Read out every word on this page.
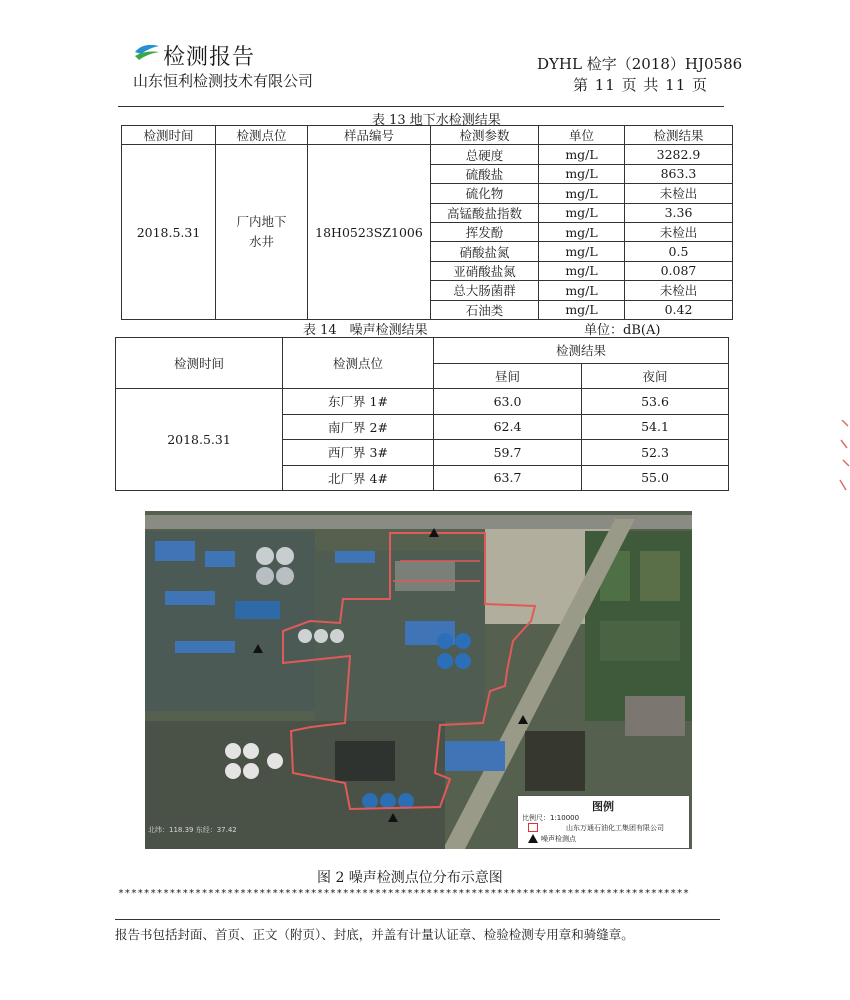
检测报告
山东恒利检测技术有限公司
DYHL 检字（2018）HJ0586
第 11 页 共 11 页
表 13 地下水检测结果
检测时间	检测点位	样品编号	检测参数	单位	检测结果
2018.5.31	厂内地下水井	18H0523SZ1006	总硬度	mg/L	3282.9
			硫酸盐	mg/L	863.3
			硫化物	mg/L	未检出
			高锰酸盐指数	mg/L	3.36
			挥发酚	mg/L	未检出
			硝酸盐氮	mg/L	0.5
			亚硝酸盐氮	mg/L	0.087
			总大肠菌群	mg/L	未检出
			石油类	mg/L	0.42
表 14　噪声检测结果	单位：dB(A)
检测时间	检测点位	检测结果	
		昼间	夜间
2018.5.31	东厂界 1#	63.0	53.6
	南厂界 2#	62.4	54.1
	西厂界 3#	59.7	52.3
	北厂界 4#	63.7	55.0
北纬：118.39 东经：37.42
图例
比例尺：1:10000
山东万通石油化工集团有限公司
噪声检测点
图 2 噪声检测点位分布示意图
*****************************************************************************************
报告书包括封面、首页、正文（附页）、封底，并盖有计量认证章、检验检测专用章和骑缝章。
